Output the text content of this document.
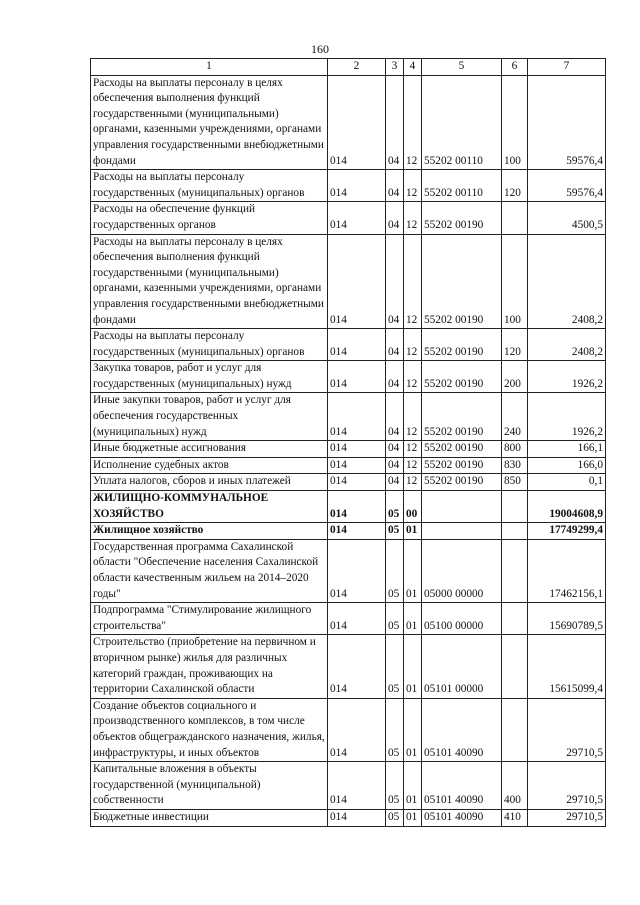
160
1	2	3	4	5	6	7
Расходы на выплаты персоналу в целях обеспечения выполнения функций государственными (муниципальными) органами, казенными учреждениями, органами управления государственными внебюджетными фондами	014	04	12	55202 00110	100	59576,4
Расходы на выплаты персоналу государственных (муниципальных) органов	014	04	12	55202 00110	120	59576,4
Расходы на обеспечение функций государственных органов	014	04	12	55202 00190		4500,5
Расходы на выплаты персоналу в целях обеспечения выполнения функций государственными (муниципальными) органами, казенными учреждениями, органами управления государственными внебюджетными фондами	014	04	12	55202 00190	100	2408,2
Расходы на выплаты персоналу государственных (муниципальных) органов	014	04	12	55202 00190	120	2408,2
Закупка товаров, работ и услуг для государственных (муниципальных) нужд	014	04	12	55202 00190	200	1926,2
Иные закупки товаров, работ и услуг для обеспечения государственных (муниципальных) нужд	014	04	12	55202 00190	240	1926,2
Иные бюджетные ассигнования	014	04	12	55202 00190	800	166,1
Исполнение судебных актов	014	04	12	55202 00190	830	166,0
Уплата налогов, сборов и иных платежей	014	04	12	55202 00190	850	0,1
ЖИЛИЩНО-КОММУНАЛЬНОЕ ХОЗЯЙСТВО	014	05	00			19004608,9
Жилищное хозяйство	014	05	01			17749299,4
Государственная программа Сахалинской области "Обеспечение населения Сахалинской области качественным жильем на 2014–2020 годы"	014	05	01	05000 00000		17462156,1
Подпрограмма "Стимулирование жилищного строительства"	014	05	01	05100 00000		15690789,5
Строительство (приобретение на первичном и вторичном рынке) жилья для различных категорий граждан, проживающих на территории Сахалинской области	014	05	01	05101 00000		15615099,4
Создание объектов социального и производственного комплексов, в том числе объектов общегражданского назначения, жилья, инфраструктуры, и иных объектов	014	05	01	05101 40090		29710,5
Капитальные вложения в объекты государственной (муниципальной) собственности	014	05	01	05101 40090	400	29710,5
Бюджетные инвестиции	014	05	01	05101 40090	410	29710,5
